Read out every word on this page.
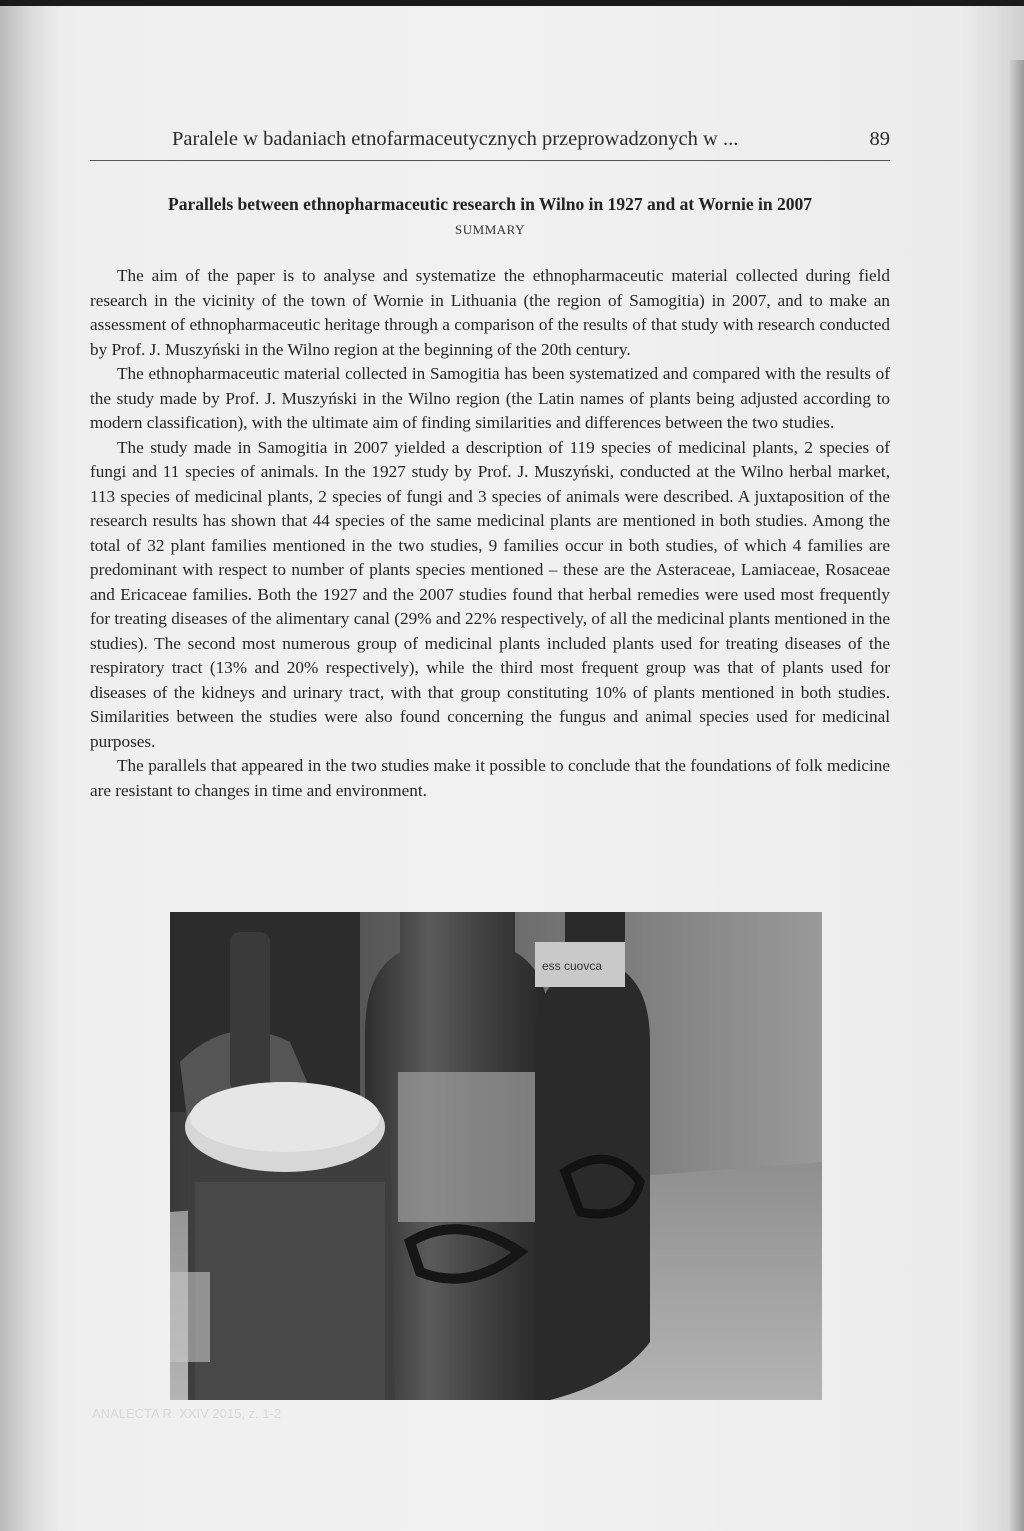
Paralele w badaniach etnofarmaceutycznych przeprowadzonych w ...	89
Parallels between ethnopharmaceutic research in Wilno in 1927 and at Wornie in 2007
SUMMARY

The aim of the paper is to analyse and systematize the ethnopharmaceutic material collected during field research in the vicinity of the town of Wornie in Lithuania (the region of Samogitia) in 2007, and to make an assessment of ethnopharmaceutic heritage through a comparison of the results of that study with research conducted by Prof. J. Muszyński in the Wilno region at the beginning of the 20th century.

The ethnopharmaceutic material collected in Samogitia has been systematized and compared with the results of the study made by Prof. J. Muszyński in the Wilno region (the Latin names of plants being adjusted according to modern classification), with the ultimate aim of finding similarities and differences between the two studies.

The study made in Samogitia in 2007 yielded a description of 119 species of medicinal plants, 2 species of fungi and 11 species of animals. In the 1927 study by Prof. J. Muszyński, conducted at the Wilno herbal market, 113 species of medicinal plants, 2 species of fungi and 3 species of animals were described. A juxtaposition of the research results has shown that 44 species of the same medicinal plants are mentioned in both studies. Among the total of 32 plant families mentioned in the two studies, 9 families occur in both studies, of which 4 families are predominant with respect to number of plants species mentioned – these are the Asteraceae, Lamiaceae, Rosaceae and Ericaceae families. Both the 1927 and the 2007 studies found that herbal remedies were used most frequently for treating diseases of the alimentary canal (29% and 22% respectively, of all the medicinal plants mentioned in the studies). The second most numerous group of medicinal plants included plants used for treating diseases of the respiratory tract (13% and 20% respectively), while the third most frequent group was that of plants used for diseases of the kidneys and urinary tract, with that group constituting 10% of plants mentioned in both studies. Similarities between the studies were also found concerning the fungus and animal species used for medicinal purposes.

The parallels that appeared in the two studies make it possible to conclude that the foundations of folk medicine are resistant to changes in time and environment.

ess cuovca
ANALECTA R. XXIV 2015, z. 1-2
